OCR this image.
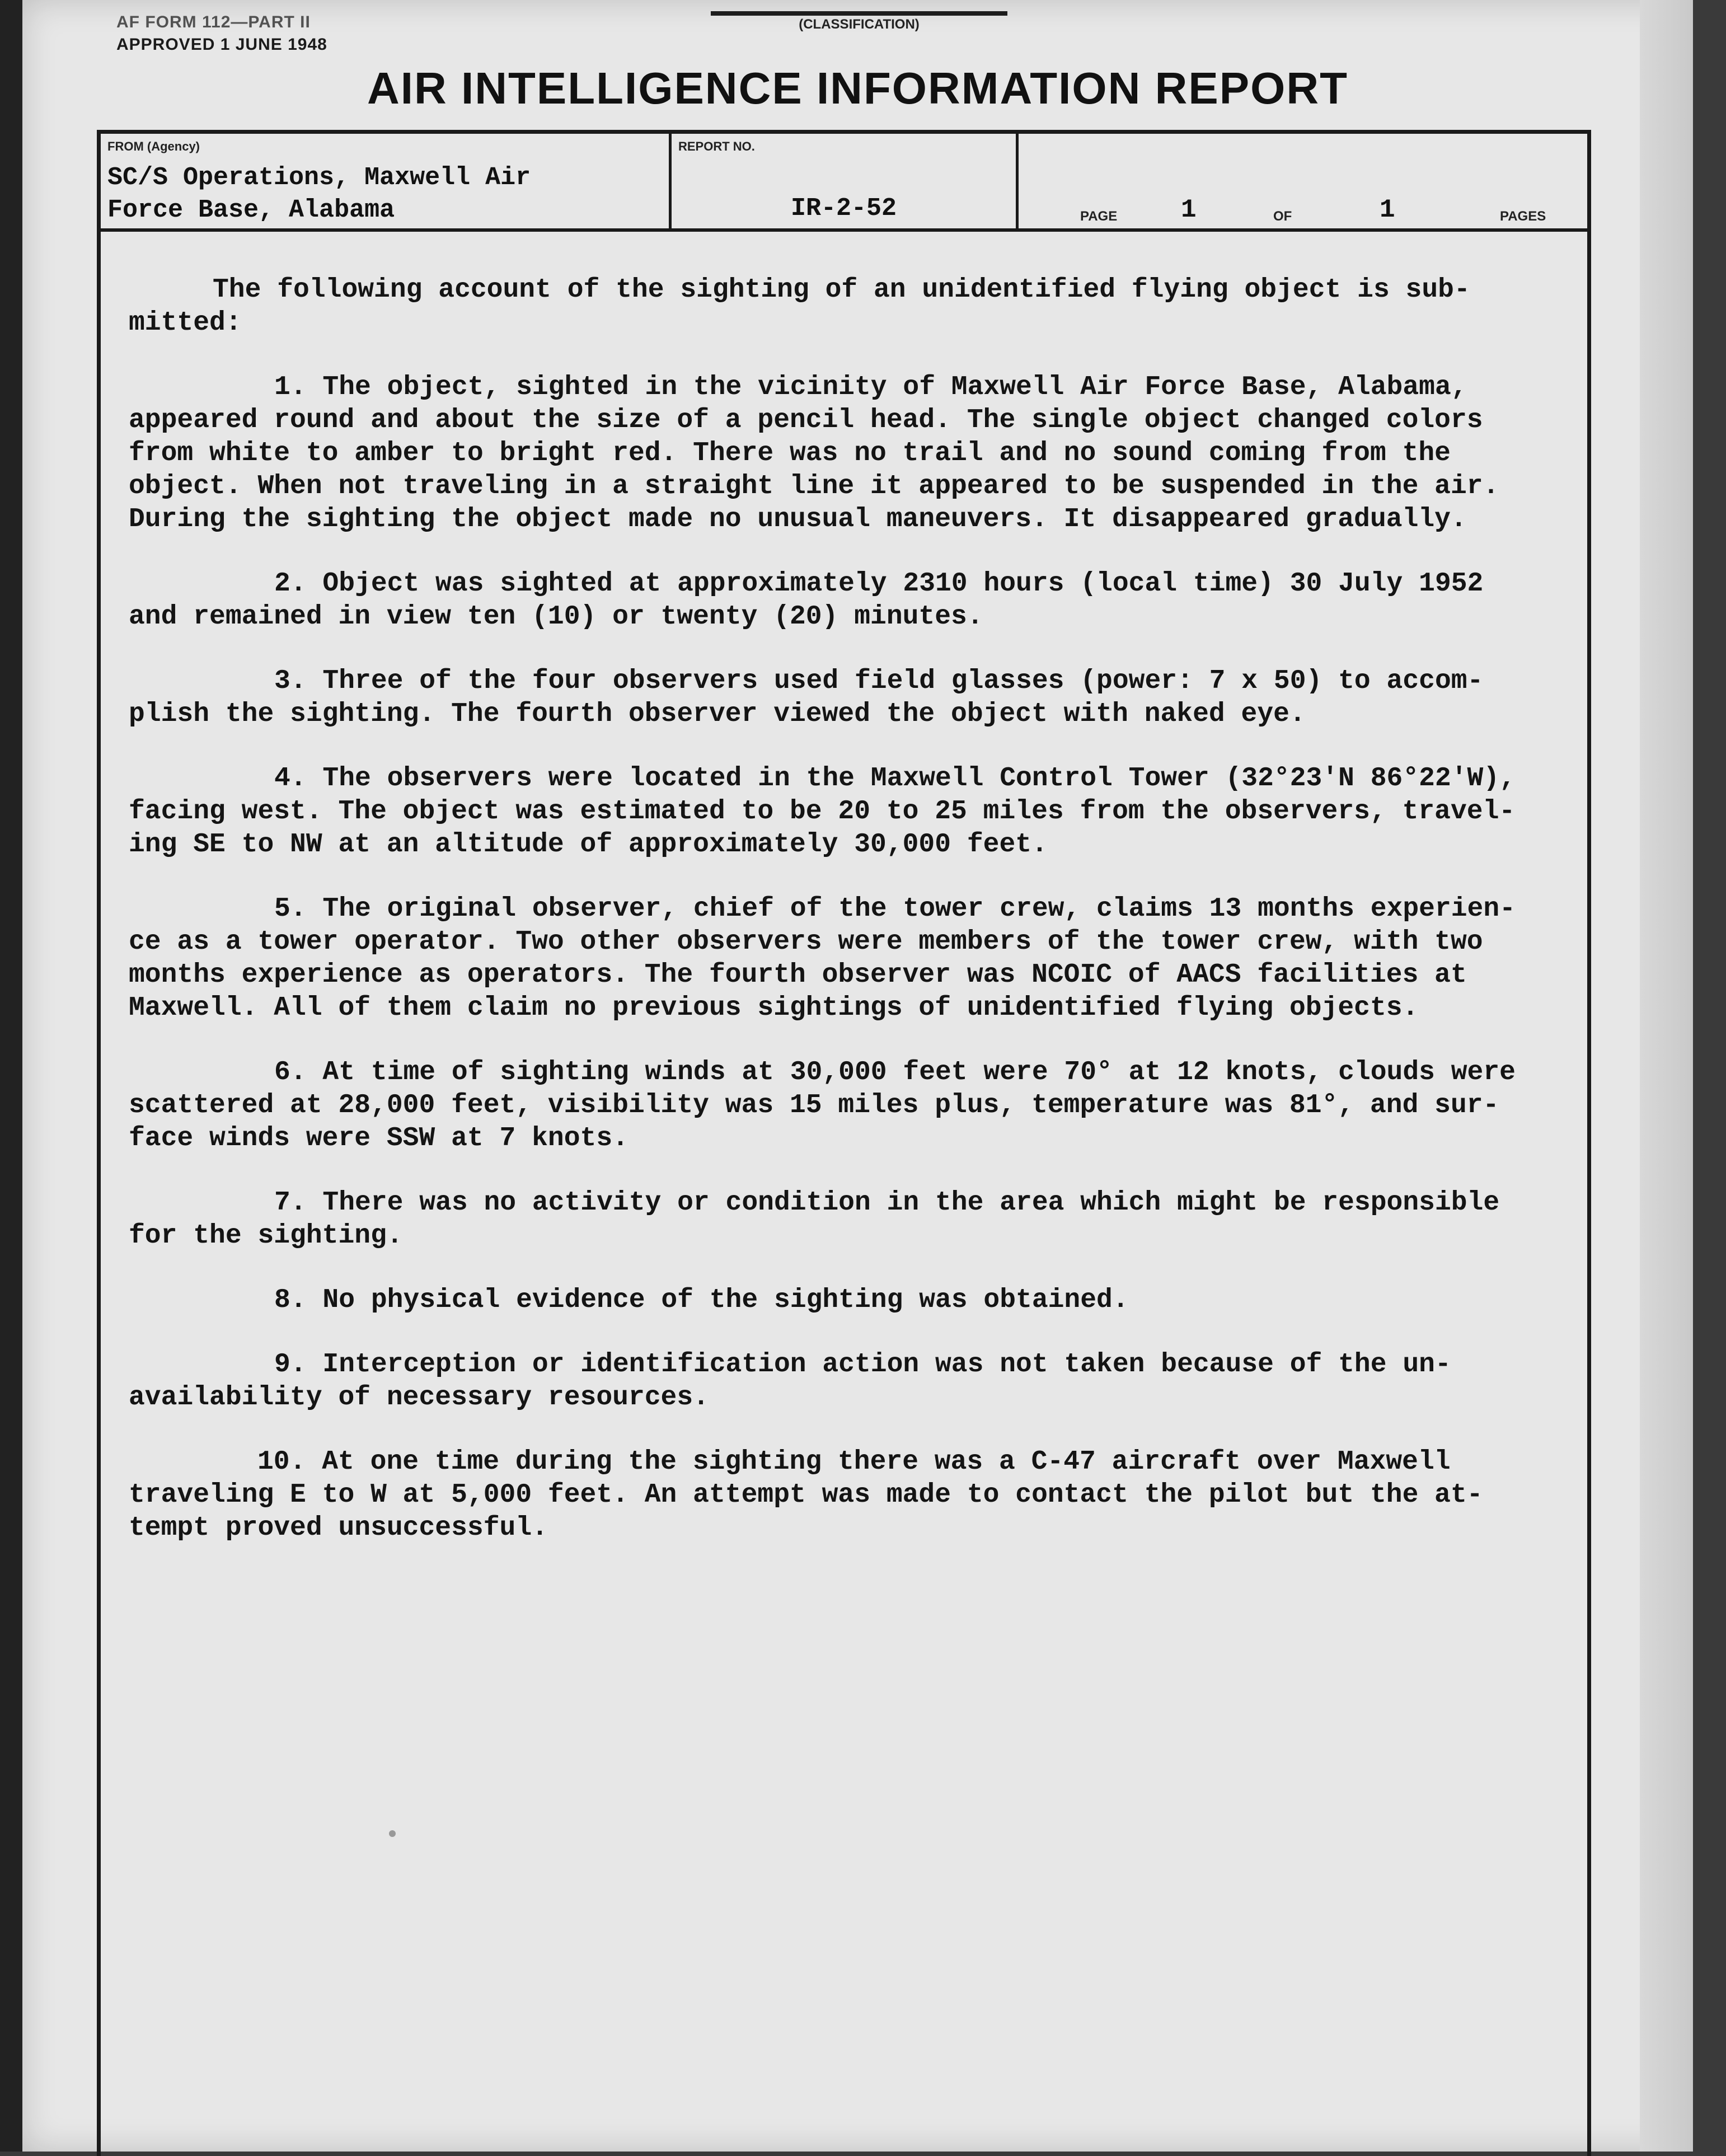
AF FORM 112—PART II
APPROVED 1 JUNE 1948
(CLASSIFICATION)
AIR INTELLIGENCE INFORMATION REPORT
FROM (Agency)
SC/S Operations, Maxwell Air
Force Base, Alabama
REPORT NO.
IR-2-52	PAGE 1	OF	1	PAGES
The following account of the sighting of an unidentified flying object is sub-
mitted:
1. The object, sighted in the vicinity of Maxwell Air Force Base, Alabama,
appeared round and about the size of a pencil head. The single object changed colors
from white to amber to bright red. There was no trail and no sound coming from the
object. When not traveling in a straight line it appeared to be suspended in the air.
During the sighting the object made no unusual maneuvers. It disappeared gradually.
2. Object was sighted at approximately 2310 hours (local time) 30 July 1952
and remained in view ten (10) or twenty (20) minutes.
3. Three of the four observers used field glasses (power: 7 x 50) to accom-
plish the sighting. The fourth observer viewed the object with naked eye.
4. The observers were located in the Maxwell Control Tower (32°23'N 86°22'W),
facing west. The object was estimated to be 20 to 25 miles from the observers, travel-
ing SE to NW at an altitude of approximately 30,000 feet.
5. The original observer, chief of the tower crew, claims 13 months experien-
ce as a tower operator. Two other observers were members of the tower crew, with two
months experience as operators. The fourth observer was NCOIC of AACS facilities at
Maxwell. All of them claim no previous sightings of unidentified flying objects.
6. At time of sighting winds at 30,000 feet were 70° at 12 knots, clouds were
scattered at 28,000 feet, visibility was 15 miles plus, temperature was 81°, and sur-
face winds were SSW at 7 knots.
7. There was no activity or condition in the area which might be responsible
for the sighting.
8. No physical evidence of the sighting was obtained.
9. Interception or identification action was not taken because of the un-
availability of necessary resources.
10. At one time during the sighting there was a C-47 aircraft over Maxwell
traveling E to W at 5,000 feet. An attempt was made to contact the pilot but the at-
tempt proved unsuccessful.
